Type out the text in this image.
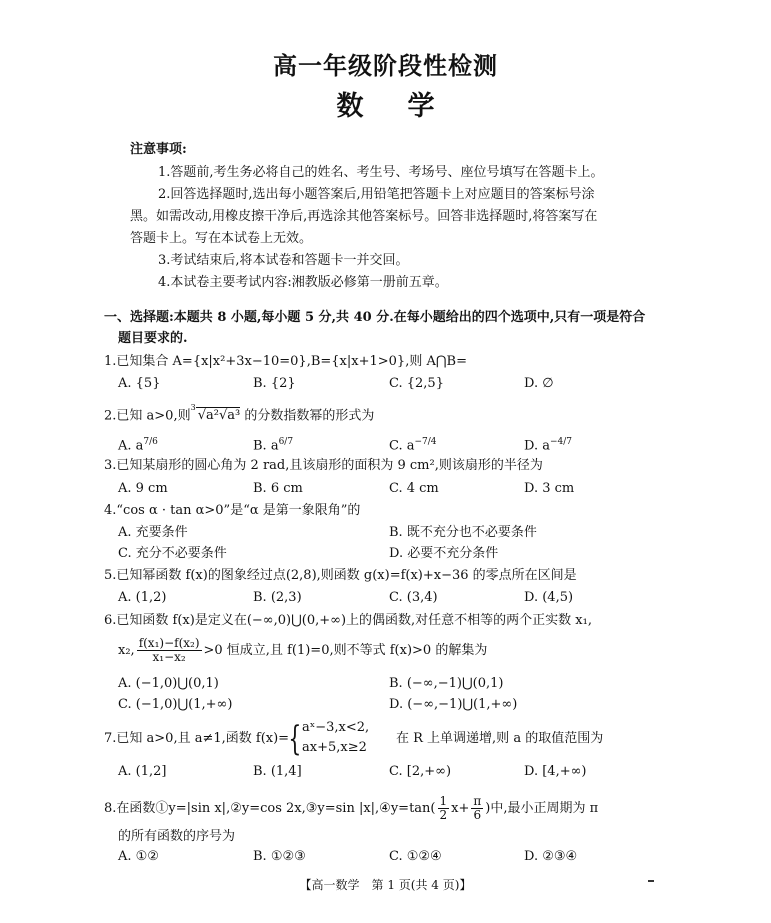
高一年级阶段性检测
数 学
注意事项:
1.答题前,考生务必将自己的姓名、考生号、考场号、座位号填写在答题卡上。
2.回答选择题时,选出每小题答案后,用铅笔把答题卡上对应题目的答案标号涂
黑。如需改动,用橡皮擦干净后,再选涂其他答案标号。回答非选择题时,将答案写在
答题卡上。写在本试卷上无效。
3.考试结束后,将本试卷和答题卡一并交回。
4.本试卷主要考试内容:湘教版必修第一册前五章。
一、选择题:本题共 8 小题,每小题 5 分,共 40 分.在每小题给出的四个选项中,只有一项是符合
题目要求的.
1.已知集合 A={x|x²+3x−10=0},B={x|x+1>0},则 A⋂B=
A. {5}	B. {2}	C. {2,5}	D. ∅
2.已知 a>0,则$^3$√a²√a³ 的分数指数幂的形式为
A. $a^{7/6}$	B. $a^{6/7}$	C. $a^{-7/4}$	D. $a^{-4/7}$
3.已知某扇形的圆心角为 2 rad,且该扇形的面积为 9 cm²,则该扇形的半径为
A. 9 cm	B. 6 cm	C. 4 cm	D. 3 cm
4.“cos α · tan α>0”是“α 是第一象限角”的
A. 充要条件	B. 既不充分也不必要条件
C. 充分不必要条件	D. 必要不充分条件
5.已知幂函数 f(x)的图象经过点(2,8),则函数 g(x)=f(x)+x−36 的零点所在区间是
A. (1,2)	B. (2,3)	C. (3,4)	D. (4,5)
6.已知函数 f(x)是定义在(−∞,0)⋃(0,+∞)上的偶函数,对任意不相等的两个正实数 x₁,
x₂, $\frac{\text{f(x₁)−f(x₂)}}{\text{x₁−x₂}} >0$ 恒成立,且 f(1)=0,则不等式 f(x)>0 的解集为
A. (−1,0)⋃(0,1)	B. (−∞,−1)⋃(0,1)
C. (−1,0)⋃(1,+∞)	D. (−∞,−1)⋃(1,+∞)
7.已知 a>0,且 a≠1,函数 f(x)= { aˣ−3,x<2,
ax+5,x≥2
在 R 上单调递增,则 a 的取值范围为
A. (1,2]	B. (1,4]	C. [2,+∞)	D. [4,+∞)
8.在函数①y=|sin x|,②y=cos 2x,③y=sin |x|,④y=tan( $\frac{1}{2} x+ \frac{\pi}{6}$ )中,最小正周期为 π
的所有函数的序号为
A. ①②	B. ①②③	C. ①②④	D. ②③④
【高一数学　第 1 页(共 4 页)】
